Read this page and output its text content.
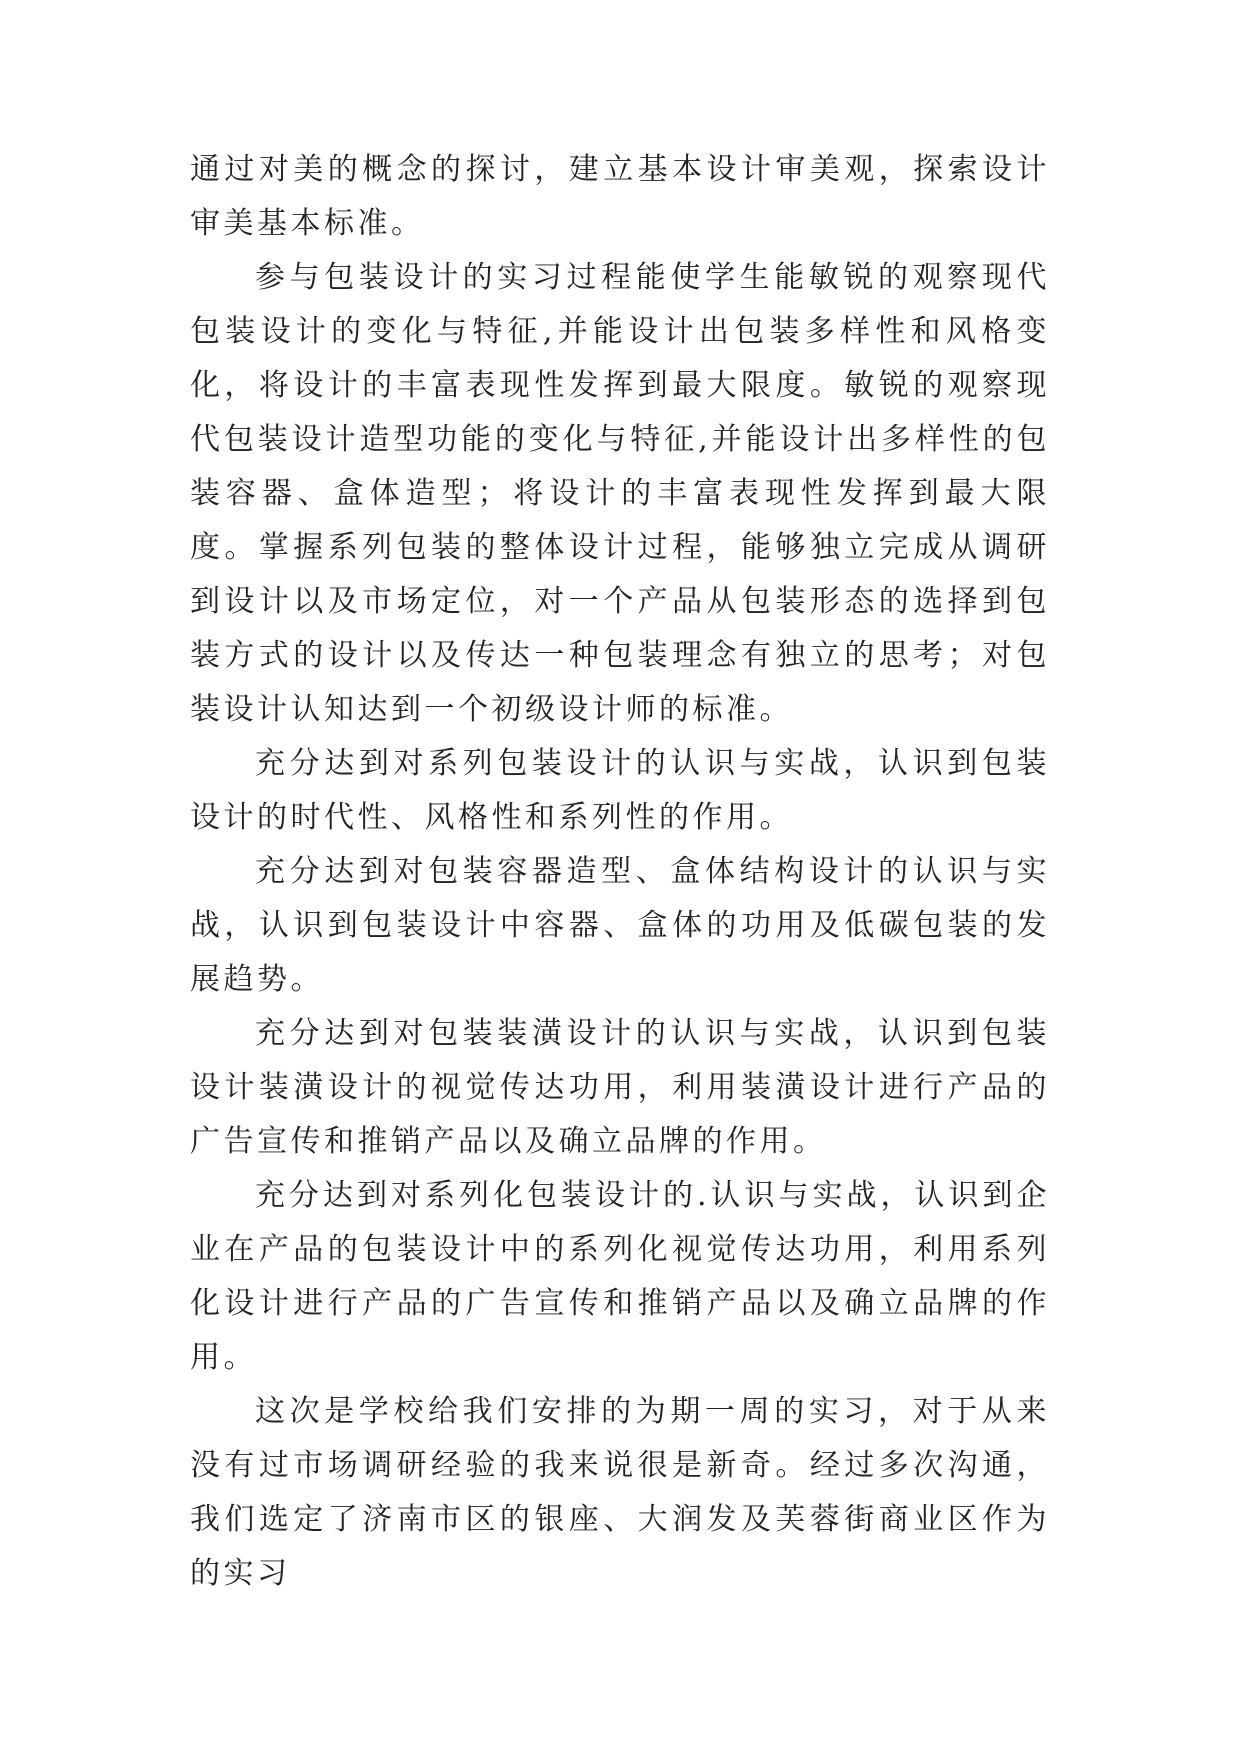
通过对美的概念的探讨，建立基本设计审美观，探索设计审美基本标准。

参与包装设计的实习过程能使学生能敏锐的观察现代包装设计的变化与特征,并能设计出包装多样性和风格变化，将设计的丰富表现性发挥到最大限度。敏锐的观察现代包装设计造型功能的变化与特征,并能设计出多样性的包装容器、盒体造型；将设计的丰富表现性发挥到最大限度。掌握系列包装的整体设计过程，能够独立完成从调研到设计以及市场定位，对一个产品从包装形态的选择到包装方式的设计以及传达一种包装理念有独立的思考；对包装设计认知达到一个初级设计师的标准。

充分达到对系列包装设计的认识与实战，认识到包装设计的时代性、风格性和系列性的作用。

充分达到对包装容器造型、盒体结构设计的认识与实战，认识到包装设计中容器、盒体的功用及低碳包装的发展趋势。

充分达到对包装装潢设计的认识与实战，认识到包装设计装潢设计的视觉传达功用，利用装潢设计进行产品的广告宣传和推销产品以及确立品牌的作用。

充分达到对系列化包装设计的.认识与实战，认识到企业在产品的包装设计中的系列化视觉传达功用，利用系列化设计进行产品的广告宣传和推销产品以及确立品牌的作用。

这次是学校给我们安排的为期一周的实习，对于从来没有过市场调研经验的我来说很是新奇。经过多次沟通，我们选定了济南市区的银座、大润发及芙蓉街商业区作为的实习
